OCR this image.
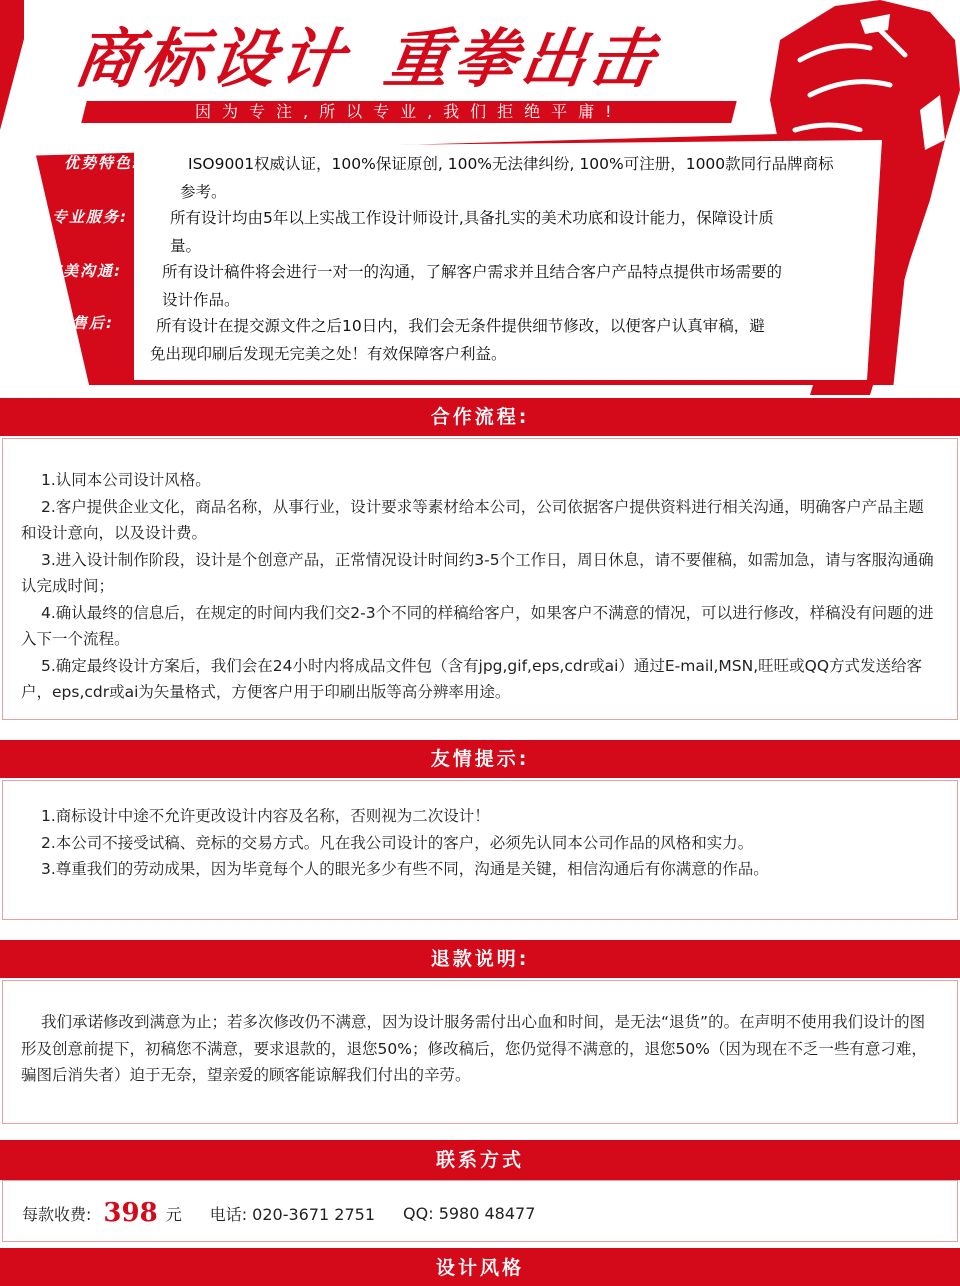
商标设计 重拳出击
因为专注,所以专业,我们拒绝平庸!
优势特色:
专业服务:
完美沟通:
无忧售后:
ISO9001权威认证，100%保证原创, 100%无法律纠纷, 100%可注册，1000款同行品牌商标参考。
所有设计均由5年以上实战工作设计师设计,具备扎实的美术功底和设计能力，保障设计质量。
所有设计稿件将会进行一对一的沟通，了解客户需求并且结合客户产品特点提供市场需要的设计作品。
所有设计在提交源文件之后10日内，我们会无条件提供细节修改，以便客户认真审稿，避免出现印刷后发现无完美之处！有效保障客户利益。
合作流程:
1.认同本公司设计风格。
2.客户提供企业文化，商品名称，从事行业，设计要求等素材给本公司，公司依据客户提供资料进行相关沟通，明确客户产品主题和设计意向，以及设计费。
3.进入设计制作阶段，设计是个创意产品，正常情况设计时间约3-5个工作日，周日休息，请不要催稿，如需加急，请与客服沟通确认完成时间；
4.确认最终的信息后，在规定的时间内我们交2-3个不同的样稿给客户，如果客户不满意的情况，可以进行修改，样稿没有问题的进入下一个流程。
5.确定最终设计方案后，我们会在24小时内将成品文件包（含有jpg,gif,eps,cdr或ai）通过E-mail,MSN,旺旺或QQ方式发送给客户，eps,cdr或ai为矢量格式，方便客户用于印刷出版等高分辨率用途。
友情提示:
1.商标设计中途不允许更改设计内容及名称，否则视为二次设计！
2.本公司不接受试稿、竞标的交易方式。凡在我公司设计的客户，必须先认同本公司作品的风格和实力。
3.尊重我们的劳动成果，因为毕竟每个人的眼光多少有些不同，沟通是关键，相信沟通后有你满意的作品。
退款说明:
我们承诺修改到满意为止；若多次修改仍不满意，因为设计服务需付出心血和时间，是无法“退货”的。在声明不使用我们设计的图形及创意前提下，初稿您不满意，要求退款的，退您50%；修改稿后，您仍觉得不满意的，退您50%（因为现在不乏一些有意刁难，骗图后消失者）迫于无奈，望亲爱的顾客能谅解我们付出的辛劳。
联系方式
每款收费: 398 元 电话: 020-3671 2751 QQ: 5980 48477
设计风格
